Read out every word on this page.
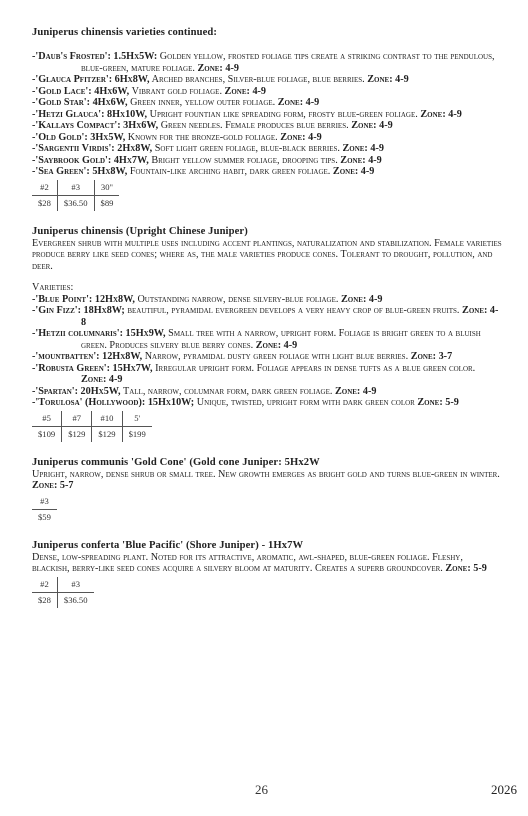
Juniperus chinensis varieties continued:

-'Daub's Frosted': 1.5Hx5W: Golden yellow, frosted foliage tips create a striking contrast to the pendulous, blue-green, mature foliage. Zone: 4-9

-'Glauca Pfitzer': 6Hx8W, Arched branches, Silver-blue foliage, blue berries. Zone: 4-9

-'Gold Lace': 4Hx6W, Vibrant gold foliage. Zone: 4-9

-'Gold Star': 4Hx6W, Green inner, yellow outer foliage. Zone: 4-9

-'Hetzi Glauca': 8Hx10W, Upright fountian like spreading form, frosty blue-green foliage. Zone: 4-9

-'Kallays Compact': 3Hx6W, Green needles. Female produces blue berries. Zone: 4-9

-'Old Gold': 3Hx5W, Known for the bronze-gold foliage. Zone: 4-9

-'Sargentii Virdis': 2Hx8W, Soft light green foliage, blue-black berries. Zone: 4-9

-'Saybrook Gold': 4Hx7W, Bright yellow summer foliage, drooping tips. Zone: 4-9

-'Sea Green': 5Hx8W, Fountain-like arching habit, dark green foliage. Zone: 4-9

#2	#3	30"
$28	$36.50	$89

Juniperus chinensis (Upright Chinese Juniper)

Evergreen shrub with multiple uses including accent plantings, naturalization and stabilization. Female varieties produce berry like seed cones; where as, the male varieties produce cones. Tolerant to drought, pollution, and deer.

Varieties:

-'Blue Point': 12Hx8W, Outstanding narrow, dense silvery-blue foliage. Zone: 4-9

-'Gin Fizz': 18Hx8W; beautiful, pyramidal evergreen develops a very heavy crop of blue-green fruits. Zone: 4-8

-'Hetzii columnaris': 15Hx9W, Small tree with a narrow, upright form. Foliage is bright green to a bluish green. Produces silvery blue berry cones. Zone: 4-9

-'mountbatten': 12Hx8W, Narrow, pyramidal dusty green foliage with light blue berries. Zone: 3-7

-'Robusta Green': 15Hx7W, Irregular upright form. Foliage appears in dense tufts as a blue green color. Zone: 4-9

-'Spartan': 20Hx5W, Tall, narrow, columnar form, dark green foliage. Zone: 4-9

-'Torulosa' (Hollywood): 15Hx10W; Unique, twisted, upright form with dark green color Zone: 5-9

#5	#7	#10	5'
$109	$129	$129	$199

Juniperus communis 'Gold Cone' (Gold cone Juniper: 5Hx2W

Upright, narrow, dense shrub or small tree. New growth emerges as bright gold and turns blue-green in winter. Zone: 5-7

#3
$59

Juniperus conferta 'Blue Pacific' (Shore Juniper) - 1Hx7W

Dense, low-spreading plant. Noted for its attractive, aromatic, awl-shaped, blue-green foliage. Fleshy, blackish, berry-like seed cones acquire a silvery bloom at maturity. Creates a superb groundcover. Zone: 5-9

#2	#3
$28	$36.50
26	2026
